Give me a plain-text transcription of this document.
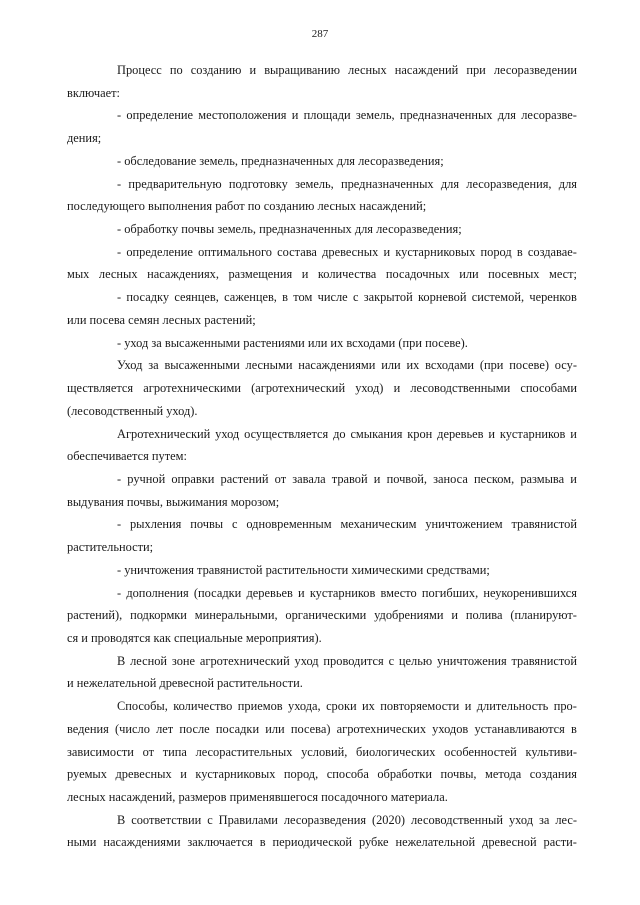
287
Процесс по созданию и выращиванию лесных насаждений при лесоразведении
включает:
- определение местоположения и площади земель, предназначенных для лесоразве-
дения;
- обследование земель, предназначенных для лесоразведения;
- предварительную подготовку земель, предназначенных для лесоразведения, для
последующего выполнения работ по созданию лесных насаждений;
- обработку почвы земель, предназначенных для лесоразведения;
- определение оптимального состава древесных и кустарниковых пород в создавае-
мых лесных насаждениях, размещения и количества посадочных или посевных мест;
- посадку сеянцев, саженцев, в том числе с закрытой корневой системой, черенков
или посева семян лесных растений;
- уход за высаженными растениями или их всходами (при посеве).
Уход за высаженными лесными насаждениями или их всходами (при посеве) осу-
ществляется агротехническими (агротехнический уход) и лесоводственными способами
(лесоводственный уход).
Агротехнический уход осуществляется до смыкания крон деревьев и кустарников и
обеспечивается путем:
- ручной оправки растений от завала травой и почвой, заноса песком, размыва и
выдувания почвы, выжимания морозом;
- рыхления почвы с одновременным механическим уничтожением травянистой
растительности;
- уничтожения травянистой растительности химическими средствами;
- дополнения (посадки деревьев и кустарников вместо погибших, неукоренившихся
растений), подкормки минеральными, органическими удобрениями и полива (планируют-
ся и проводятся как специальные мероприятия).
В лесной зоне агротехнический уход проводится с целью уничтожения травянистой
и нежелательной древесной растительности.
Способы, количество приемов ухода, сроки их повторяемости и длительность про-
ведения (число лет после посадки или посева) агротехнических уходов устанавливаются в
зависимости от типа лесорастительных условий, биологических особенностей культиви-
руемых древесных и кустарниковых пород, способа обработки почвы, метода создания
лесных насаждений, размеров применявшегося посадочного материала.
В соответствии с Правилами лесоразведения (2020) лесоводственный уход за лес-
ными насаждениями заключается в периодической рубке нежелательной древесной расти-
